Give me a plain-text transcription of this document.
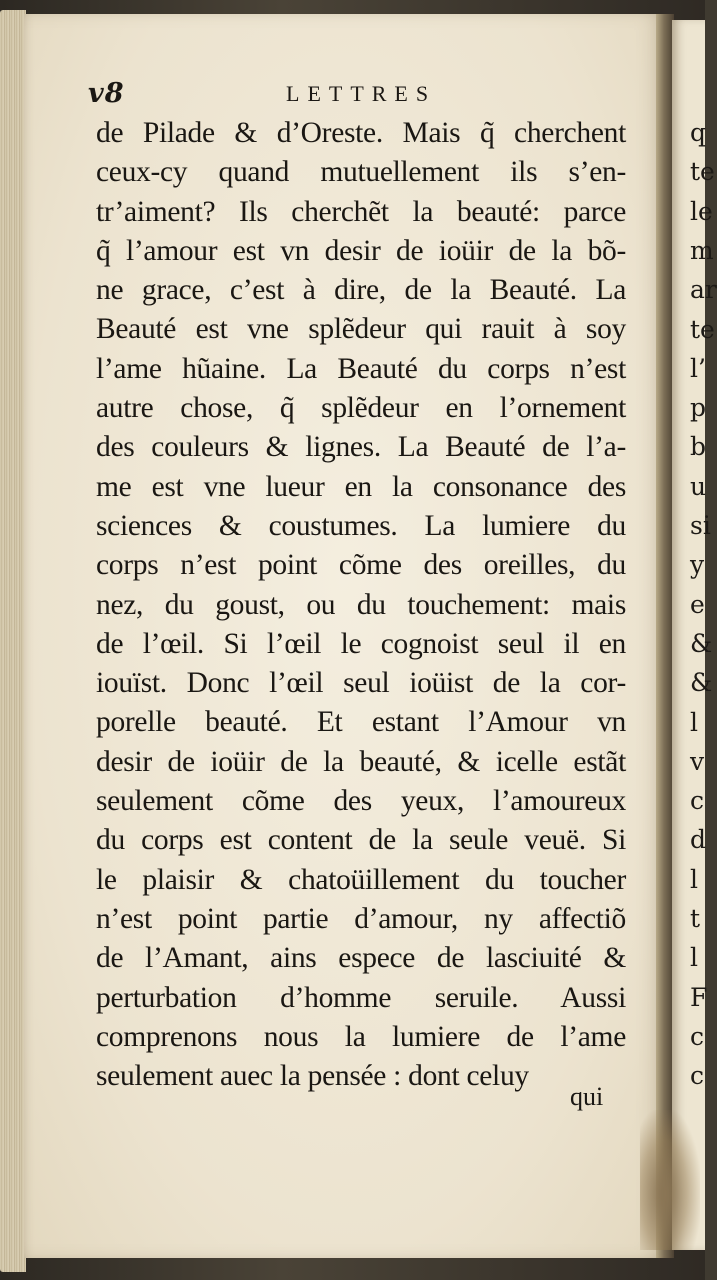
q
te
le
m
ar
te
l’
p
b
u
si
y
e
&
&
l
v
c
d
l
t
l
F
c
c
v8	LETTRES
de Pilade & d’Oreste. Mais q̃ cherchent
ceux-cy quand mutuellement ils s’en-
tr’aiment? Ils cherchẽt la beauté: parce
q̃ l’amour est vn desir de ioüir de la bõ-
ne grace, c’est à dire, de la Beauté. La
Beauté est vne splẽdeur qui rauit à soy
l’ame hũaine. La Beauté du corps n’est
autre chose, q̃ splẽdeur en l’ornement
des couleurs & lignes. La Beauté de l’a-
me est vne lueur en la consonance des
sciences & coustumes. La lumiere du
corps n’est point cõme des oreilles, du
nez, du goust, ou du touchement: mais
de l’œil. Si l’œil le cognoist seul il en
iouïst. Donc l’œil seul ioüist de la cor-
porelle beauté. Et estant l’Amour vn
desir de ioüir de la beauté, & icelle estãt
seulement cõme des yeux, l’amoureux
du corps est content de la seule veuë. Si
le plaisir & chatoüillement du toucher
n’est point partie d’amour, ny affectiõ
de l’Amant, ains espece de lasciuité &
perturbation d’homme seruile. Aussi
comprenons nous la lumiere de l’ame
seulement auec la pensée : dont celuy
qui
